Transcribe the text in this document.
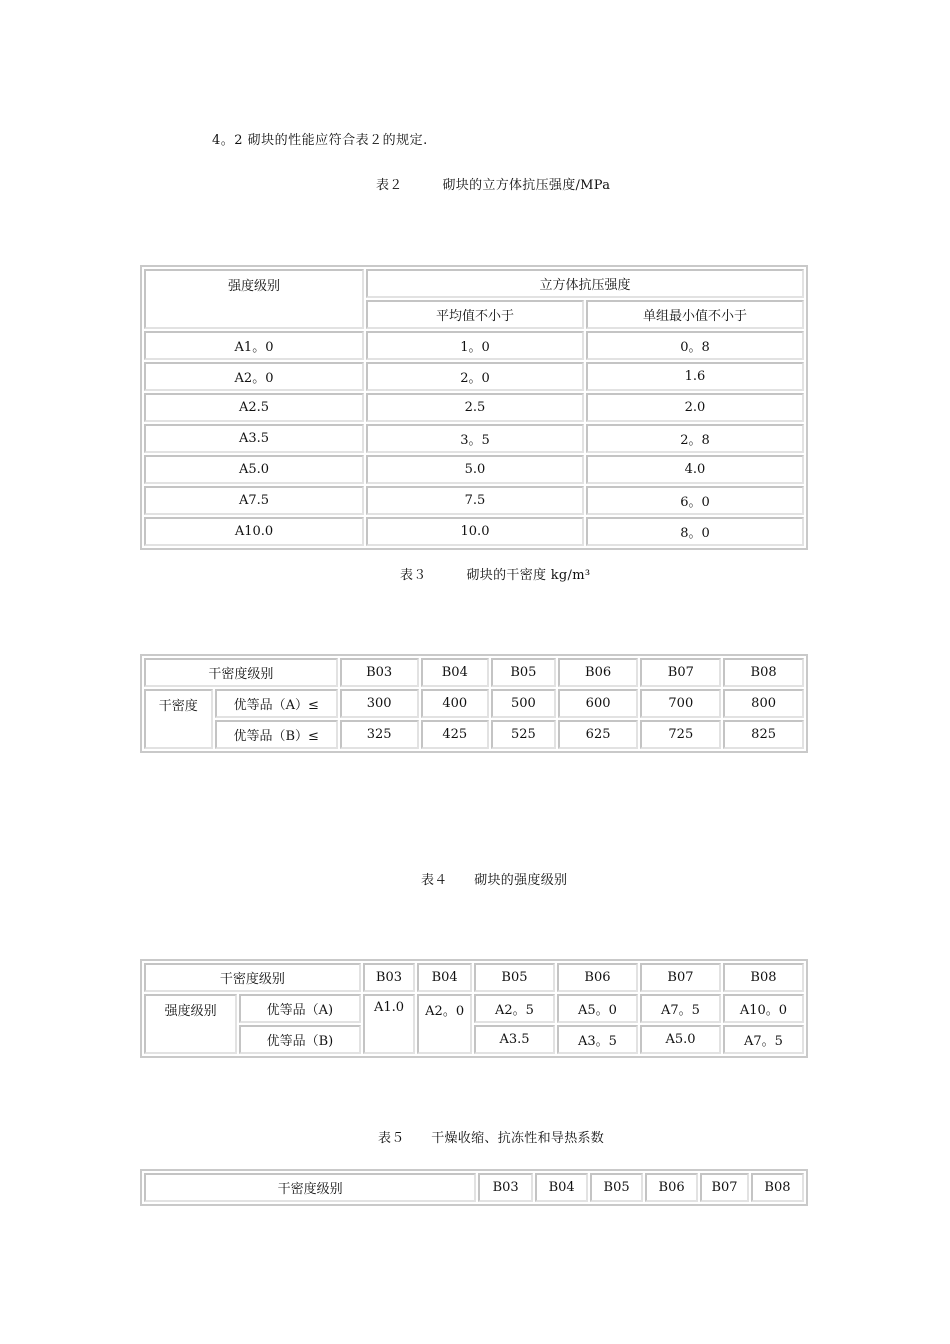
4。2 砌块的性能应符合表２的规定.
表２　　　砌块的立方体抗压强度/MPa
强度级别	立方体抗压强度	
	平均值不小于	单组最小值不小于
A1。0	1。0	0。8
A2。0	2。0	1.6
A2.5	2.5	2.0
A3.5	3。5	2。8
A5.0	5.0	4.0
A7.5	7.5	6。0
A10.0	10.0	8。0
表３　　　砌块的干密度 kg/m³
干密度级别		B03	B04	B05	B06	B07	B08
干密度	优等品（A）≤	300	400	500	600	700	800
	优等品（B）≤	325	425	525	625	725	825
表４　　砌块的强度级别
干密度级别		B03	B04	B05	B06	B07	B08
强度级别	优等品（A)	A1.0	A2。0	A2。5	A5。0	A7。5	A10。0
	优等品（B)			A3.5	A3。5	A5.0	A7。5
表５　　干燥收缩、抗冻性和导热系数
干密度级别	B03	B04	B05	B06	B07	B08
